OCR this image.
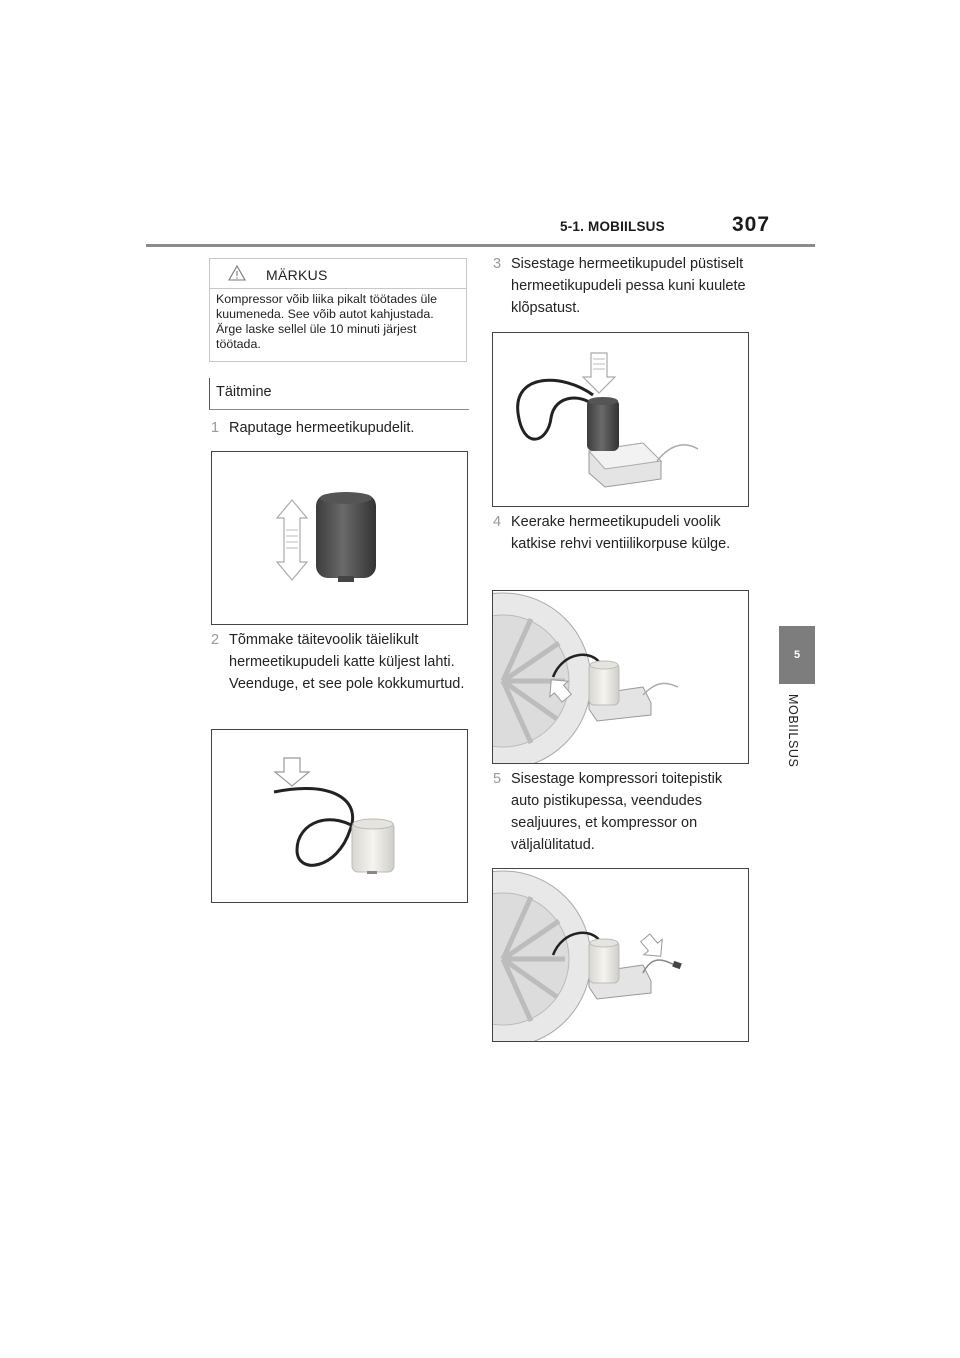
5-1. MOBIILSUS	307
5
MOBIILSUS
MÄRKUS
Kompressor võib liika pikalt töötades üle kuumeneda. See võib autot kahjustada. Ärge laske sellel üle 10 minuti järjest töötada.
Täitmine
1 Raputage hermeetikupudelit.
2 Tõmmake täitevoolik täielikult hermeetikupudeli katte küljest lahti. Veenduge, et see pole kokkumurtud.
3 Sisestage hermeetikupudel püstiselt hermeetikupudeli pessa kuni kuulete klõpsatust.
4 Keerake hermeetikupudeli voolik katkise rehvi ventiilikorpuse külge.
5 Sisestage kompressori toitepistik auto pistikupessa, veendudes sealjuures, et kompressor on väljalülitatud.
